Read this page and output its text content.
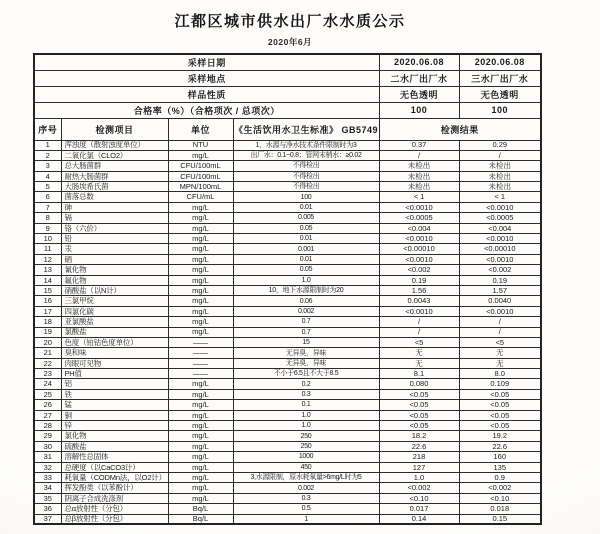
江都区城市供水出厂水水质公示
2020年6月
采样日期				2020.06.08	2020.06.08
采样地点				二水厂出厂水	三水厂出厂水
样品性质				无色透明	无色透明
合格率（%）（合格项次 / 总项次）				100	100
序号	检测项目	单位	《生活饮用水卫生标准》 GB5749	检测结果	
1	浑浊度（散射浊度单位）	NTU	1，水源与净水技术条件限制时为3	0.37	0.29
2	二氧化氯（CLO2）	mg/L	出厂水：0.1~0.8；管网末梢水：≥0.02	/	/
3	总大肠菌群	CFU/100mL	不得检出	未检出	未检出
4	耐热大肠菌群	CFU/100mL	不得检出	未检出	未检出
5	大肠埃希氏菌	MPN/100mL	不得检出	未检出	未检出
6	菌落总数	CFU/mL	100	< 1	< 1
7	砷	mg/L	0.01	<0.0010	<0.0010
8	镉	mg/L	0.005	<0.0005	<0.0005
9	铬（六价）	mg/L	0.05	<0.004	<0.004
10	铅	mg/L	0.01	<0.0010	<0.0010
11	汞	mg/L	0.001	<0.00010	<0.00010
12	硒	mg/L	0.01	<0.0010	<0.0010
13	氰化物	mg/L	0.05	<0.002	<0.002
14	氟化物	mg/L	1.0	0.19	0.19
15	硝酸盐（以N计）	mg/L	10，地下水源限制时为20	1.56	1.57
16	三氯甲烷	mg/L	0.06	0.0043	0.0040
17	四氯化碳	mg/L	0.002	<0.0010	<0.0010
18	亚氯酸盐	mg/L	0.7	/	/
19	氯酸盐	mg/L	0.7	/	/
20	色度（铂钴色度单位）	——	15	<5	<5
21	臭和味	——	无异臭，异味	无	无
22	肉眼可见物	——	无异臭，异味	无	无
23	PH值	——	不小于6.5且不大于8.5	8.1	8.0
24	铝	mg/L	0.2	0.080	0.109
25	铁	mg/L	0.3	<0.05	<0.05
26	锰	mg/L	0.1	<0.05	<0.05
27	铜	mg/L	1.0	<0.05	<0.05
28	锌	mg/L	1.0	<0.05	<0.05
29	氯化物	mg/L	250	18.2	19.2
30	硫酸盐	mg/L	250	22.6	22.6
31	溶解性总固体	mg/L	1000	218	160
32	总硬度（以CaCO3计）	mg/L	450	127	135
33	耗氧量（CODMn法，以O2计）	mg/L	3,水源限制，原水耗氧量>6mg/L时为5	1.0	0.9
34	挥发酚类（以苯酚计）	mg/L	0.002	<0.002	<0.002
35	阴离子合成洗涤剂	mg/L	0.3	<0.10	<0.10
36	总α放射性（分包）	Bq/L	0.5	0.017	0.018
37	总β放射性（分包）	Bq/L	1	0.14	0.15
